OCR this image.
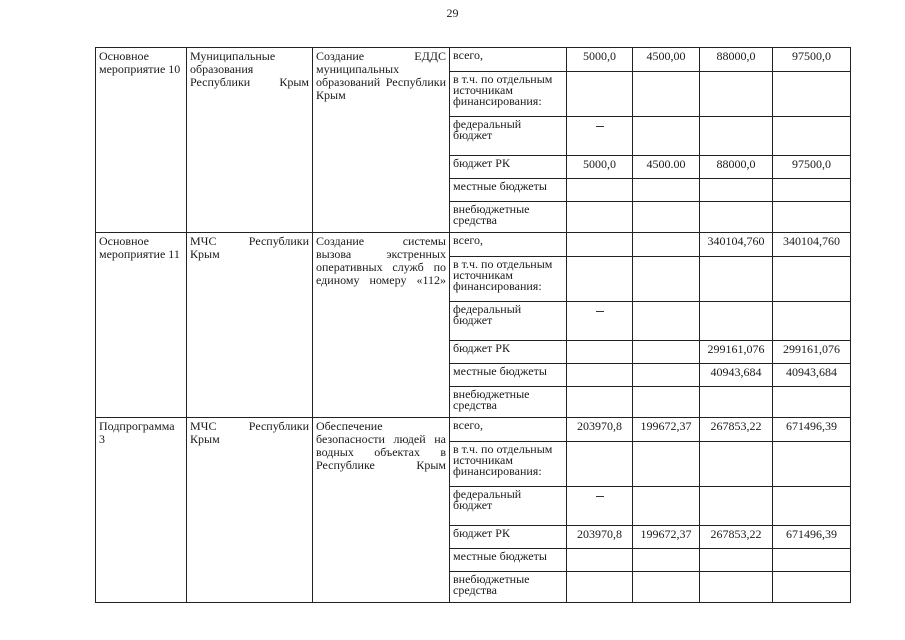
29
Основное мероприятие 10	Муниципальные образования Республики Крым	Создание ЕДДС муниципальных образований Республики Крым	всего,	5000,0	4500,00	88000,0	97500,0
			в т.ч. по отдельным источникам финансирования:				
			федеральный бюджет				
			бюджет РК	5000,0	4500.00	88000,0	97500,0
			местные бюджеты				
			внебюджетные средства				
Основное мероприятие 11	МЧС Республики Крым	Создание системы вызова экстренных оперативных служб по единому номеру «112»	всего,			340104,760	340104,760
			в т.ч. по отдельным источникам финансирования:				
			федеральный бюджет				
			бюджет РК			299161,076	299161,076
			местные бюджеты			40943,684	40943,684
			внебюджетные средства				
Подпрограмма 3	МЧС Республики Крым	Обеспечение безопасности людей на водных объектах в Республике Крым	всего,	203970,8	199672,37	267853,22	671496,39
			в т.ч. по отдельным источникам финансирования:				
			федеральный бюджет				
			бюджет РК	203970,8	199672,37	267853,22	671496,39
			местные бюджеты				
			внебюджетные средства				
